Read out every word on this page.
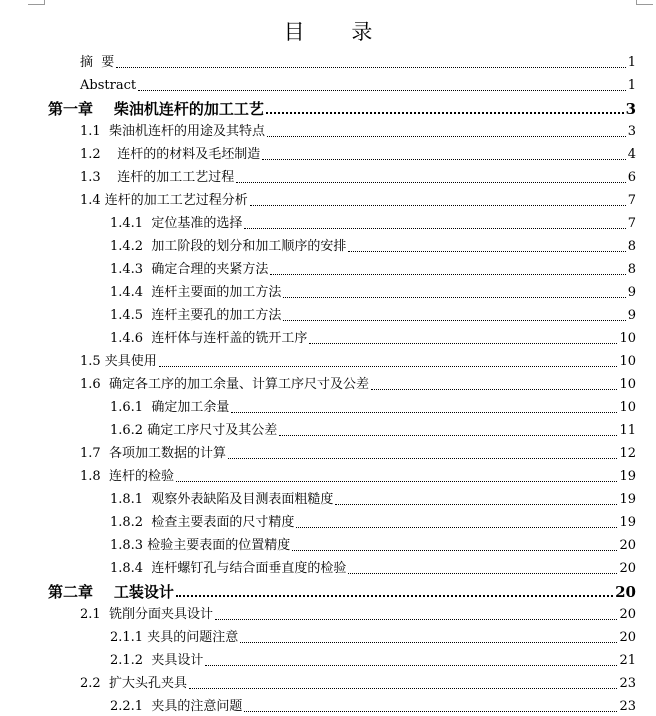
目 录
摘  要	1
Abstract	1
第一章    柴油机连杆的加工工艺	3
1.1  柴油机连杆的用途及其特点	3
1.2    连杆的的材料及毛坯制造	4
1.3    连杆的加工工艺过程	6
1.4 连杆的加工工艺过程分析	7
1.4.1  定位基准的选择	7
1.4.2  加工阶段的划分和加工顺序的安排	8
1.4.3  确定合理的夹紧方法	8
1.4.4  连杆主要面的加工方法	9
1.4.5  连杆主要孔的加工方法	9
1.4.6  连杆体与连杆盖的铣开工序	10
1.5 夹具使用	10
1.6  确定各工序的加工余量、计算工序尺寸及公差	10
1.6.1  确定加工余量	10
1.6.2 确定工序尺寸及其公差	11
1.7  各项加工数据的计算	12
1.8  连杆的检验	19
1.8.1  观察外表缺陷及目测表面粗糙度	19
1.8.2  检查主要表面的尺寸精度	19
1.8.3 检验主要表面的位置精度	20
1.8.4  连杆螺钉孔与结合面垂直度的检验	20
第二章    工装设计	20
2.1  铣削分面夹具设计	20
2.1.1 夹具的问题注意	20
2.1.2  夹具设计	21
2.2  扩大头孔夹具	23
2.2.1  夹具的注意问题	23
